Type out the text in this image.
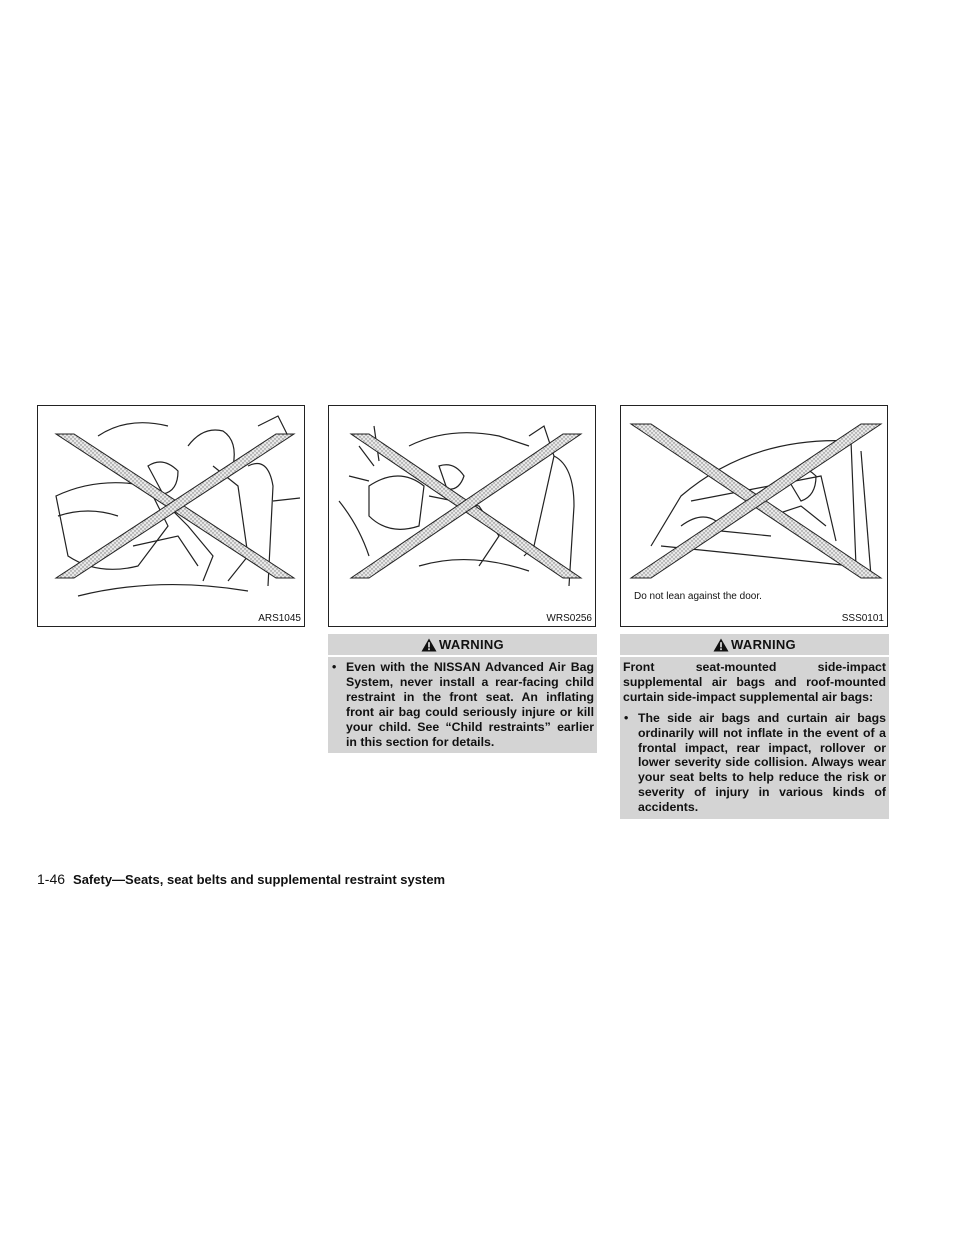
ARS1045	WRS0256
Do not lean against the door.
SSS0101
WARNING
• Even with the NISSAN Advanced Air Bag System, never install a rear-facing child restraint in the front seat. An inflating front air bag could seriously injure or kill your child. See “Child restraints” earlier in this section for details.
WARNING
Front seat-mounted side-impact supplemental air bags and roof-mounted curtain side-impact supplemental air bags:
• The side air bags and curtain air bags ordinarily will not inflate in the event of a frontal impact, rear impact, rollover or lower severity side collision. Always wear your seat belts to help reduce the risk or severity of injury in various kinds of accidents.
1-46 Safety—Seats, seat belts and supplemental restraint system
